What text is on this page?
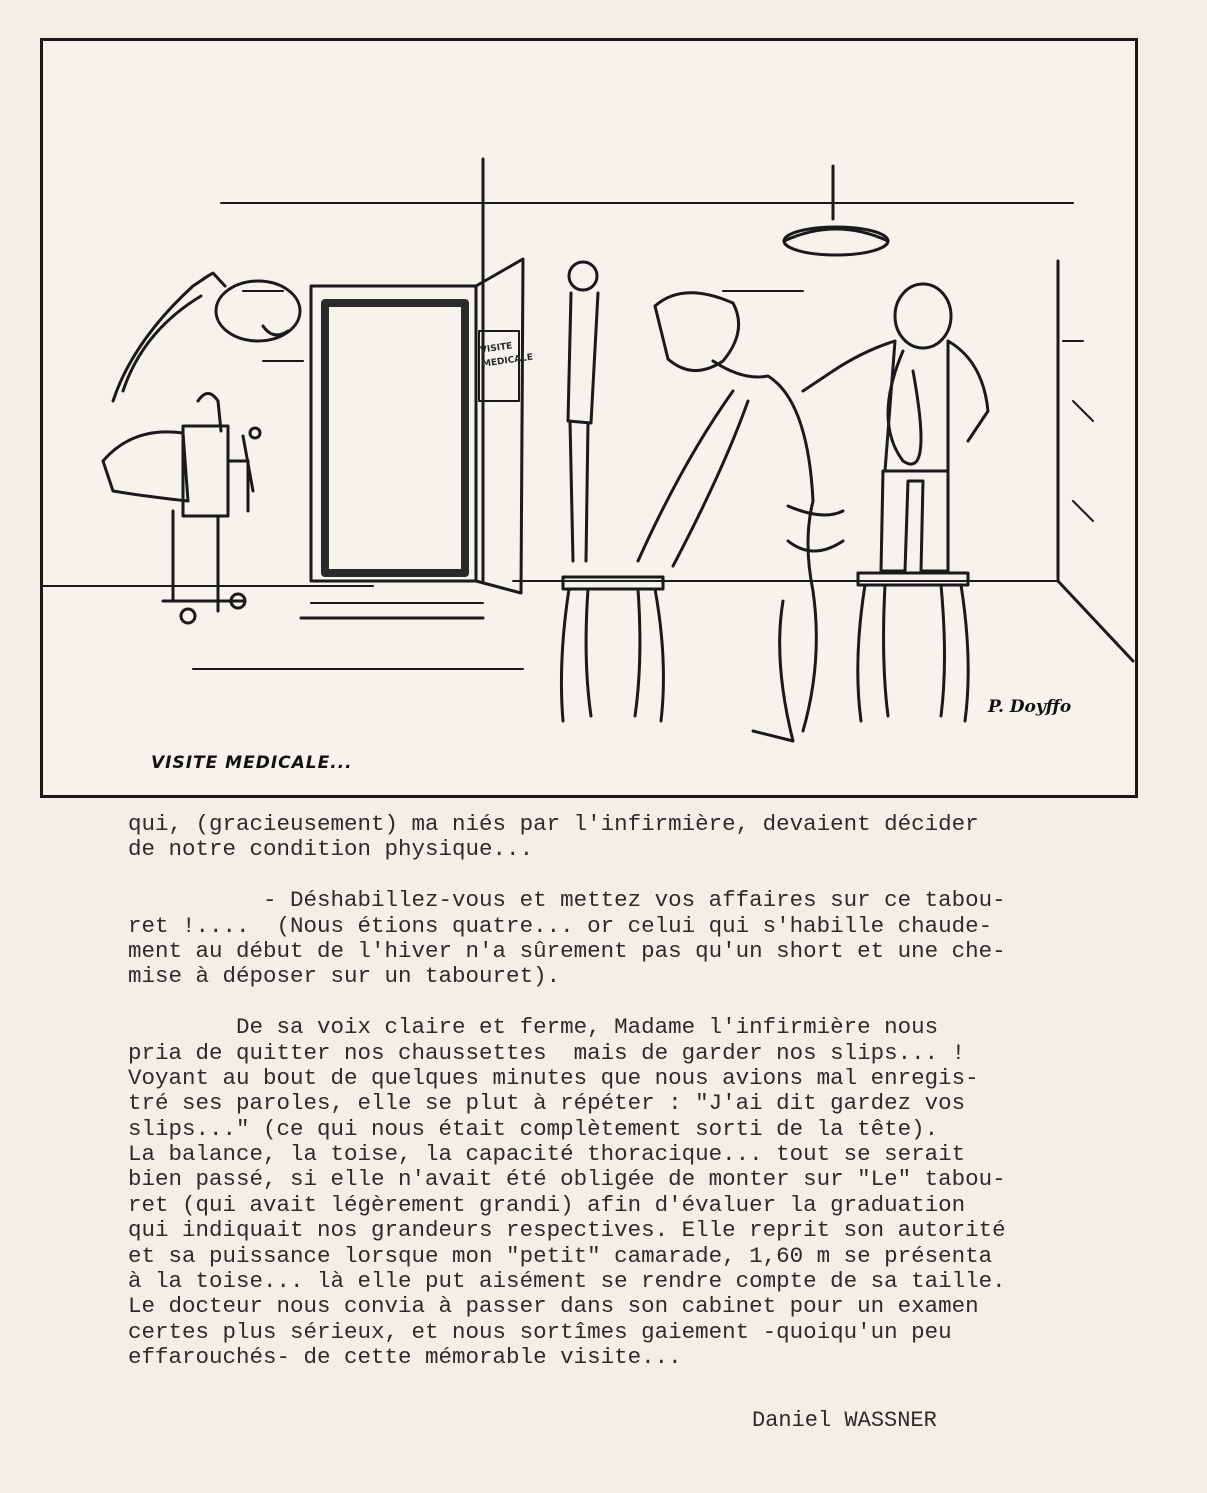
VISITE MEDICALE...
P. Doyffo
VISITE
MEDICALE
qui, (gracieusement) ma niés par l'infirmière, devaient décider
de notre condition physique...
- Déshabillez-vous et mettez vos affaires sur ce tabou-
ret !....  (Nous étions quatre... or celui qui s'habille chaude-
ment au début de l'hiver n'a sûrement pas qu'un short et une che-
mise à déposer sur un tabouret).
De sa voix claire et ferme, Madame l'infirmière nous
pria de quitter nos chaussettes  mais de garder nos slips... !
Voyant au bout de quelques minutes que nous avions mal enregis-
tré ses paroles, elle se plut à répéter : "J'ai dit gardez vos
slips..." (ce qui nous était complètement sorti de la tête).
La balance, la toise, la capacité thoracique... tout se serait
bien passé, si elle n'avait été obligée de monter sur "Le" tabou-
ret (qui avait légèrement grandi) afin d'évaluer la graduation
qui indiquait nos grandeurs respectives. Elle reprit son autorité
et sa puissance lorsque mon "petit" camarade, 1,60 m se présenta
à la toise... là elle put aisément se rendre compte de sa taille.
Le docteur nous convia à passer dans son cabinet pour un examen
certes plus sérieux, et nous sortîmes gaiement -quoiqu'un peu
effarouchés- de cette mémorable visite...
Daniel WASSNER
